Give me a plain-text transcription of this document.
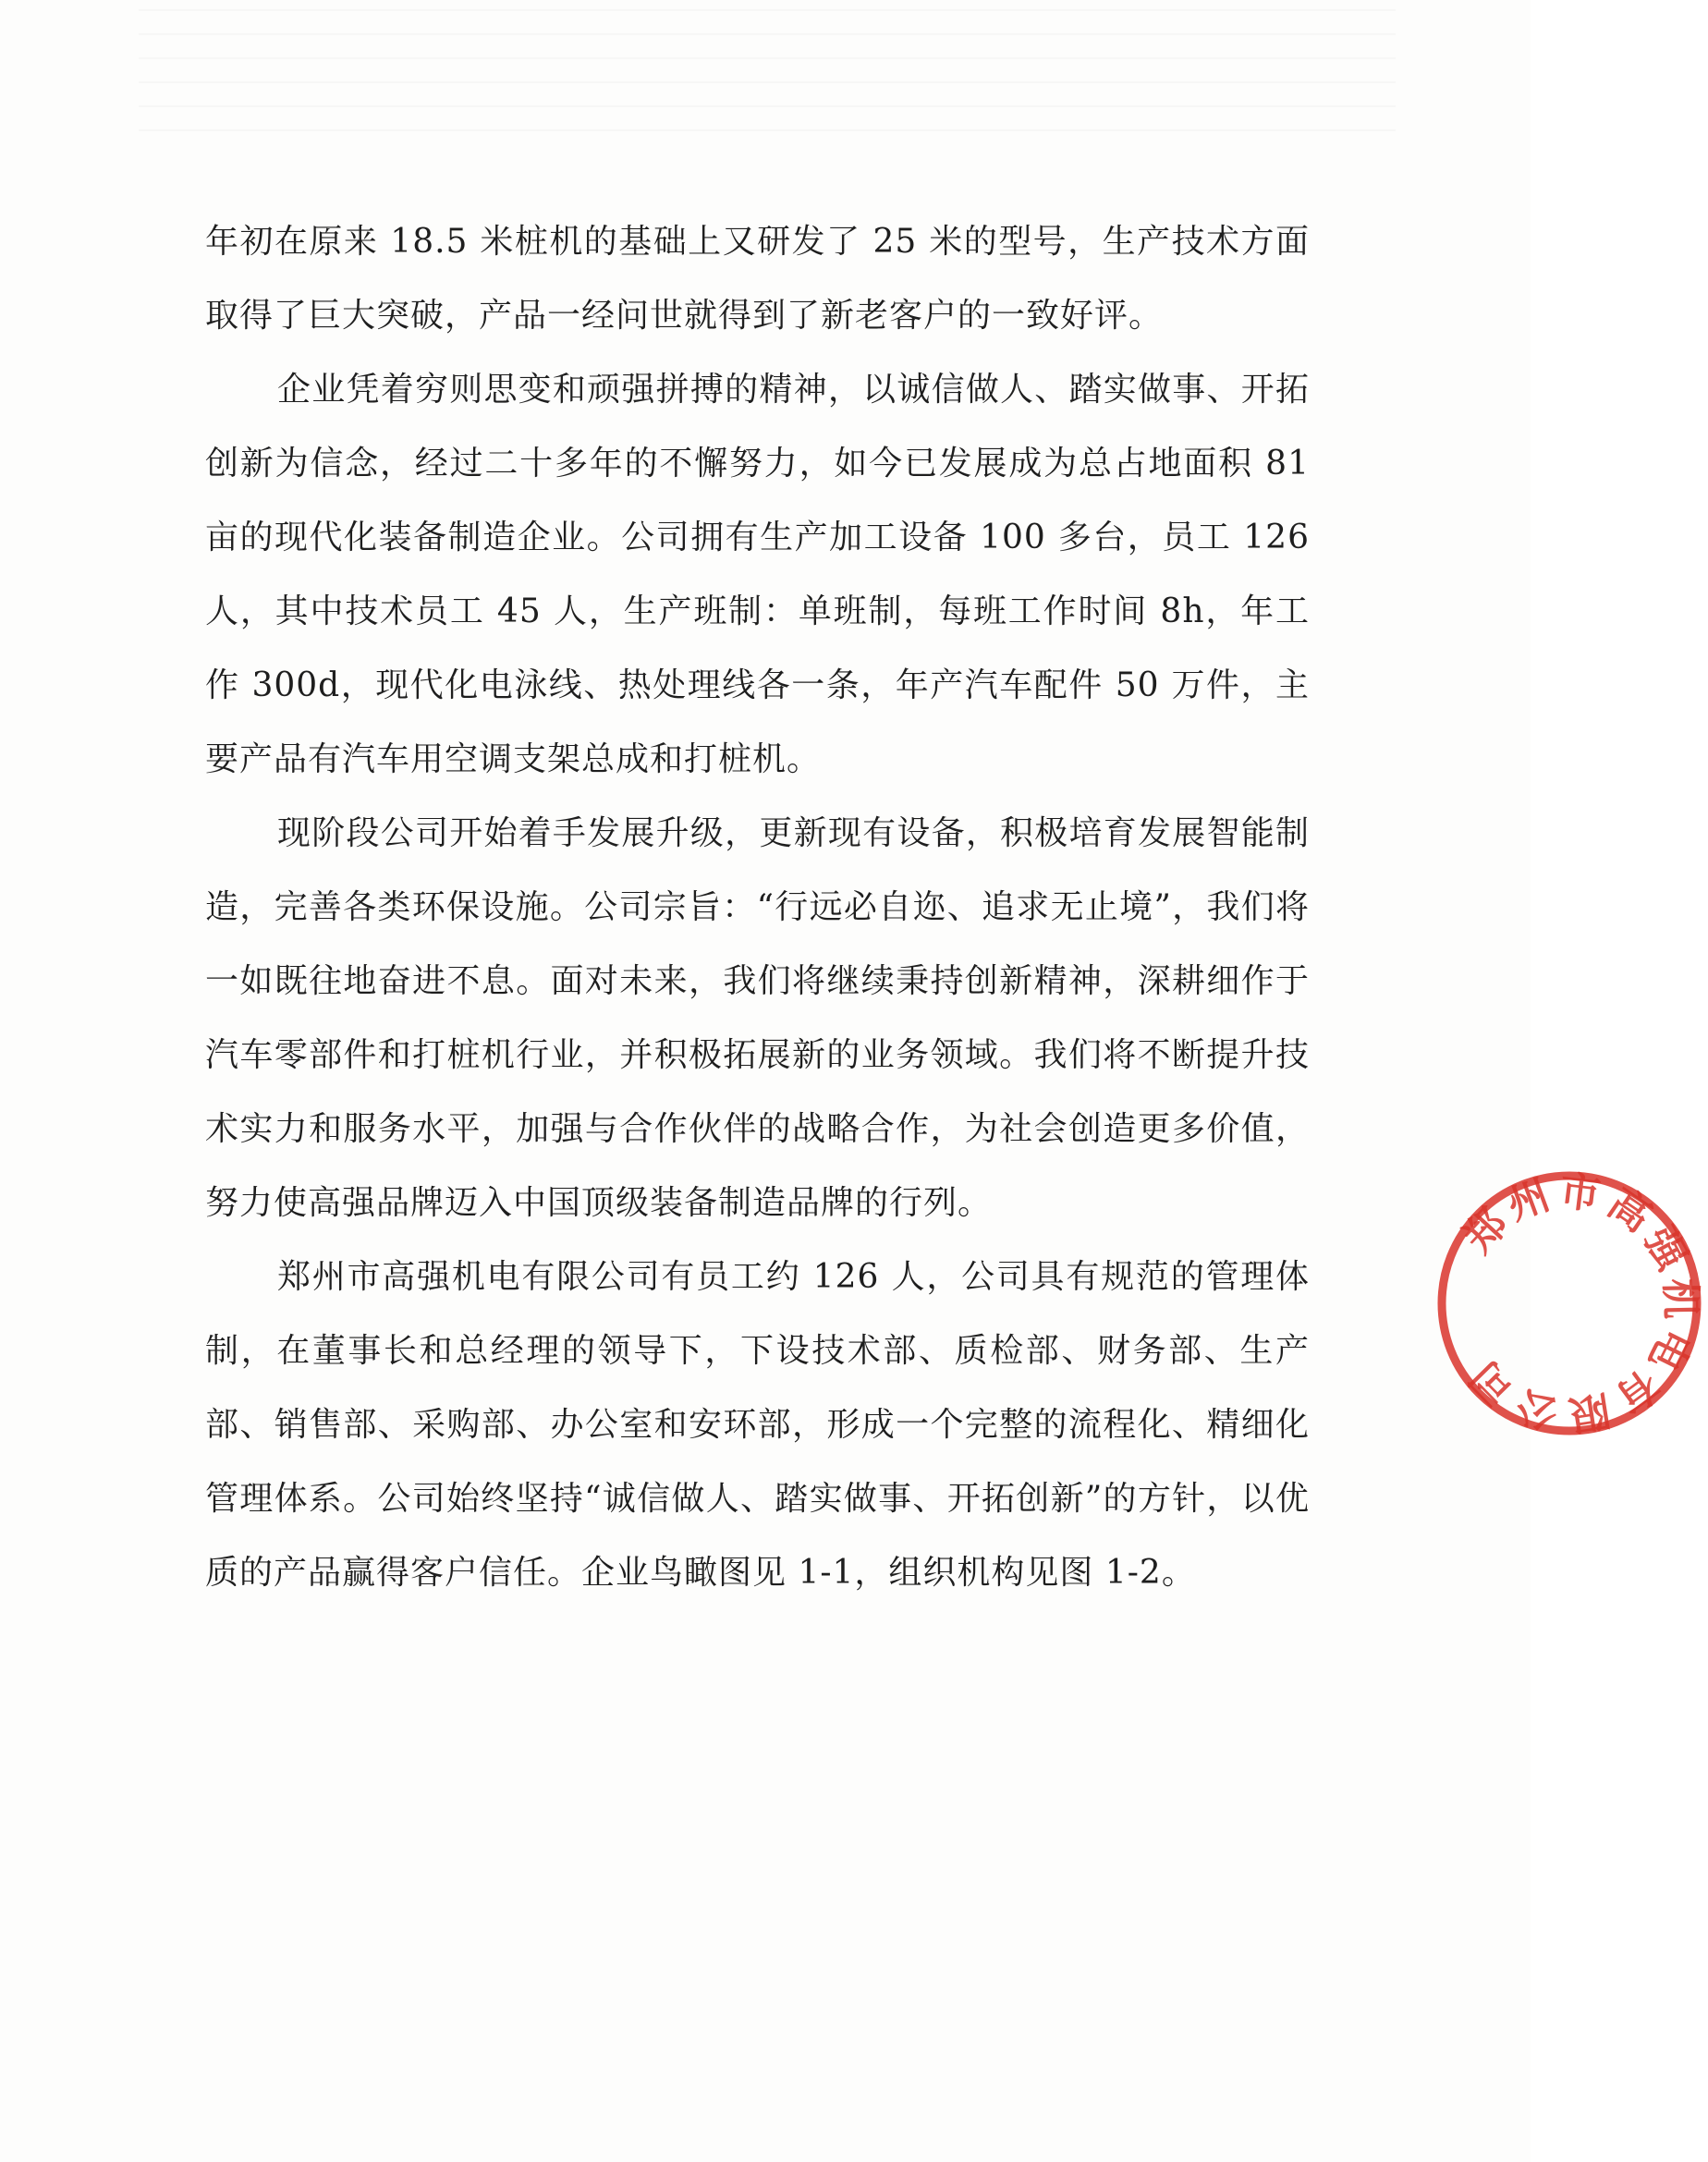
年初在原来 18.5 米桩机的基础上又研发了 25 米的型号，生产技术方面取得了巨大突破，产品一经问世就得到了新老客户的一致好评。

企业凭着穷则思变和顽强拼搏的精神，以诚信做人、踏实做事、开拓创新为信念，经过二十多年的不懈努力，如今已发展成为总占地面积 81 亩的现代化装备制造企业。公司拥有生产加工设备 100 多台，员工 126 人，其中技术员工 45 人，生产班制：单班制，每班工作时间 8h，年工作 300d，现代化电泳线、热处理线各一条，年产汽车配件 50 万件，主要产品有汽车用空调支架总成和打桩机。

现阶段公司开始着手发展升级，更新现有设备，积极培育发展智能制造，完善各类环保设施。公司宗旨：“行远必自迩、追求无止境”，我们将一如既往地奋进不息。面对未来，我们将继续秉持创新精神，深耕细作于汽车零部件和打桩机行业，并积极拓展新的业务领域。我们将不断提升技术实力和服务水平，加强与合作伙伴的战略合作，为社会创造更多价值，努力使高强品牌迈入中国顶级装备制造品牌的行列。

郑州市高强机电有限公司有员工约 126 人，公司具有规范的管理体制，在董事长和总经理的领导下，下设技术部、质检部、财务部、生产部、销售部、采购部、办公室和安环部，形成一个完整的流程化、精细化管理体系。公司始终坚持“诚信做人、踏实做事、开拓创新”的方针，以优质的产品赢得客户信任。企业鸟瞰图见 1-1，组织机构见图 1-2。

郑州市高强机电有限公司
